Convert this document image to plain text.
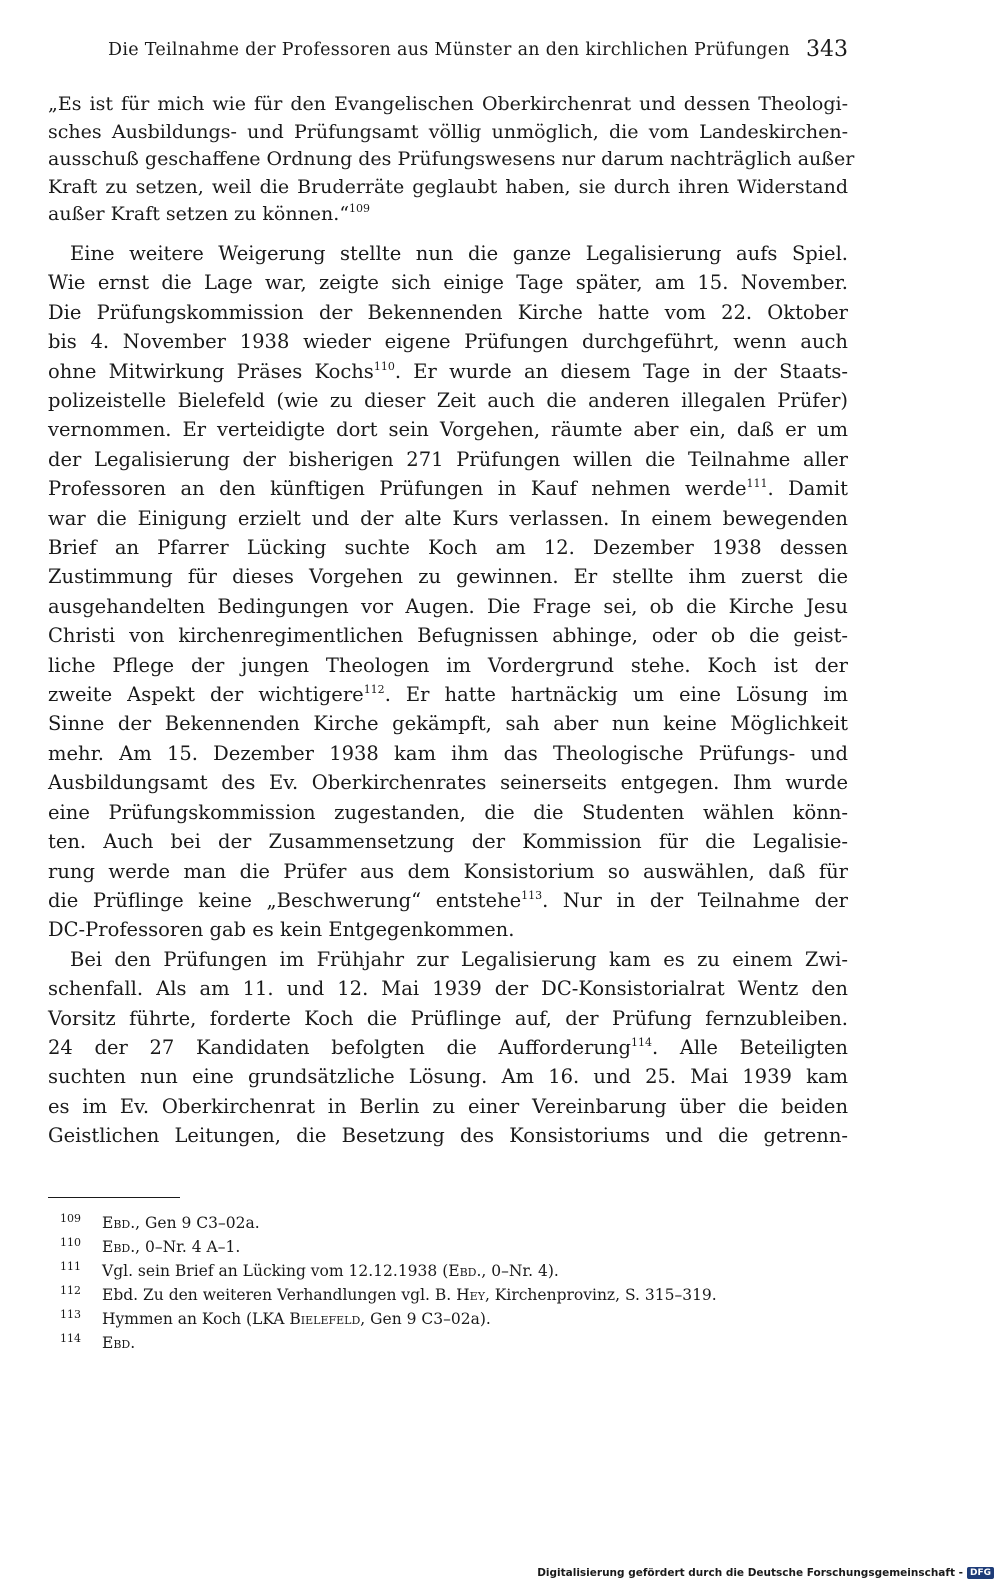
Die Teilnahme der Professoren aus Münster an den kirchlichen Prüfungen 343
„Es ist für mich wie für den Evangelischen Oberkirchenrat und dessen Theologi-
sches Ausbildungs- und Prüfungsamt völlig unmöglich, die vom Landeskirchen-
ausschuß geschaffene Ordnung des Prüfungswesens nur darum nachträglich außer
Kraft zu setzen, weil die Bruderräte geglaubt haben, sie durch ihren Widerstand
außer Kraft setzen zu können.“$^{109}$
Eine weitere Weigerung stellte nun die ganze Legalisierung aufs Spiel.
Wie ernst die Lage war, zeigte sich einige Tage später, am 15. November.
Die Prüfungskommission der Bekennenden Kirche hatte vom 22. Oktober
bis 4. November 1938 wieder eigene Prüfungen durchgeführt, wenn auch
ohne Mitwirkung Präses Kochs$^{110}$. Er wurde an diesem Tage in der Staats-
polizeistelle Bielefeld (wie zu dieser Zeit auch die anderen illegalen Prüfer)
vernommen. Er verteidigte dort sein Vorgehen, räumte aber ein, daß er um
der Legalisierung der bisherigen 271 Prüfungen willen die Teilnahme aller
Professoren an den künftigen Prüfungen in Kauf nehmen werde$^{111}$. Damit
war die Einigung erzielt und der alte Kurs verlassen. In einem bewegenden
Brief an Pfarrer Lücking suchte Koch am 12. Dezember 1938 dessen
Zustimmung für dieses Vorgehen zu gewinnen. Er stellte ihm zuerst die
ausgehandelten Bedingungen vor Augen. Die Frage sei, ob die Kirche Jesu
Christi von kirchenregimentlichen Befugnissen abhinge, oder ob die geist-
liche Pflege der jungen Theologen im Vordergrund stehe. Koch ist der
zweite Aspekt der wichtigere$^{112}$. Er hatte hartnäckig um eine Lösung im
Sinne der Bekennenden Kirche gekämpft, sah aber nun keine Möglichkeit
mehr. Am 15. Dezember 1938 kam ihm das Theologische Prüfungs- und
Ausbildungsamt des Ev. Oberkirchenrates seinerseits entgegen. Ihm wurde
eine Prüfungskommission zugestanden, die die Studenten wählen könn-
ten. Auch bei der Zusammensetzung der Kommission für die Legalisie-
rung werde man die Prüfer aus dem Konsistorium so auswählen, daß für
die Prüflinge keine „Beschwerung“ entstehe$^{113}$. Nur in der Teilnahme der
DC-Professoren gab es kein Entgegenkommen.
Bei den Prüfungen im Frühjahr zur Legalisierung kam es zu einem Zwi-
schenfall. Als am 11. und 12. Mai 1939 der DC-Konsistorialrat Wentz den
Vorsitz führte, forderte Koch die Prüflinge auf, der Prüfung fernzubleiben.
24 der 27 Kandidaten befolgten die Aufforderung$^{114}$. Alle Beteiligten
suchten nun eine grundsätzliche Lösung. Am 16. und 25. Mai 1939 kam
es im Ev. Oberkirchenrat in Berlin zu einer Vereinbarung über die beiden
Geistlichen Leitungen, die Besetzung des Konsistoriums und die getrenn-
109	Ebd., Gen 9 C3–02a.
110	Ebd., 0–Nr. 4 A–1.
111	Vgl. sein Brief an Lücking vom 12.12.1938 (Ebd., 0–Nr. 4).
112	Ebd. Zu den weiteren Verhandlungen vgl. B. Hey, Kirchenprovinz, S. 315–319.
113	Hymmen an Koch (LKA Bielefeld, Gen 9 C3–02a).
114	Ebd.
Digitalisierung gefördert durch die Deutsche Forschungsgemeinschaft - DFG
